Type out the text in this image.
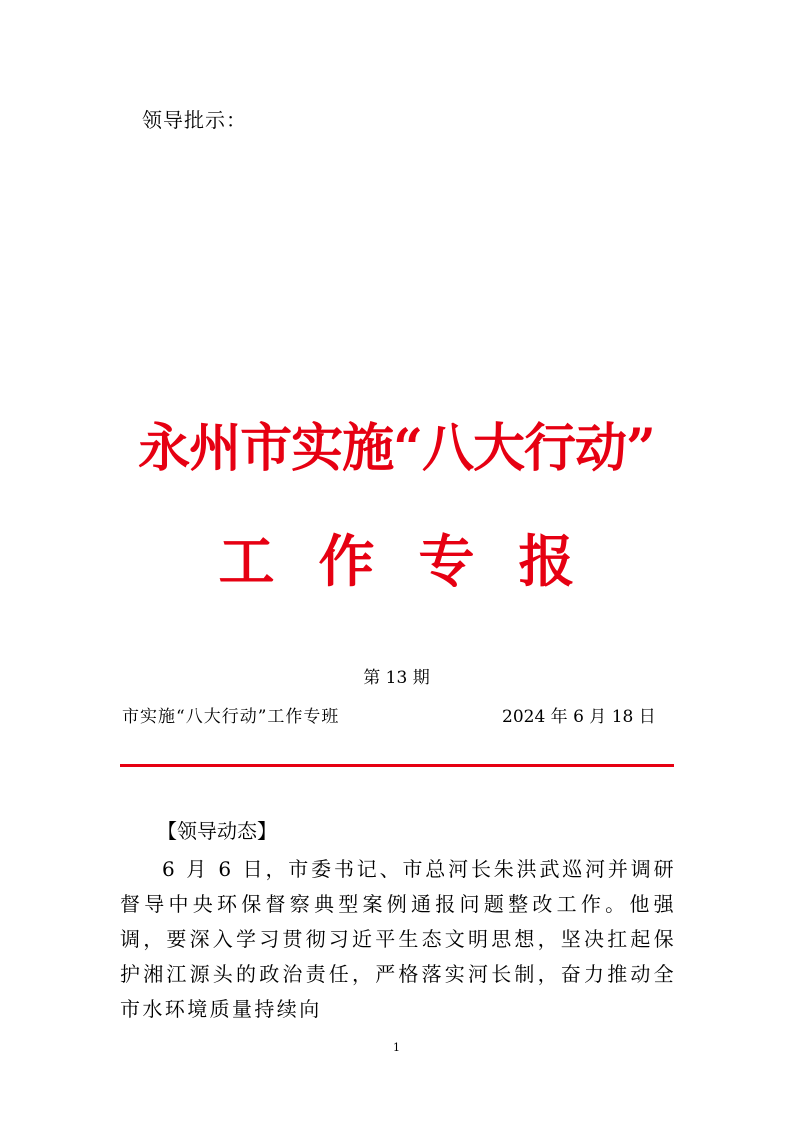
领导批示：
永州市实施“八大行动”
工作专报
第 13 期
市实施“八大行动”工作专班	2024 年 6 月 18 日
【领导动态】

6 月 6 日，市委书记、市总河长朱洪武巡河并调研督导中央环保督察典型案例通报问题整改工作。他强调，要深入学习贯彻习近平生态文明思想，坚决扛起保护湘江源头的政治责任，严格落实河长制，奋力推动全市水环境质量持续向

1
